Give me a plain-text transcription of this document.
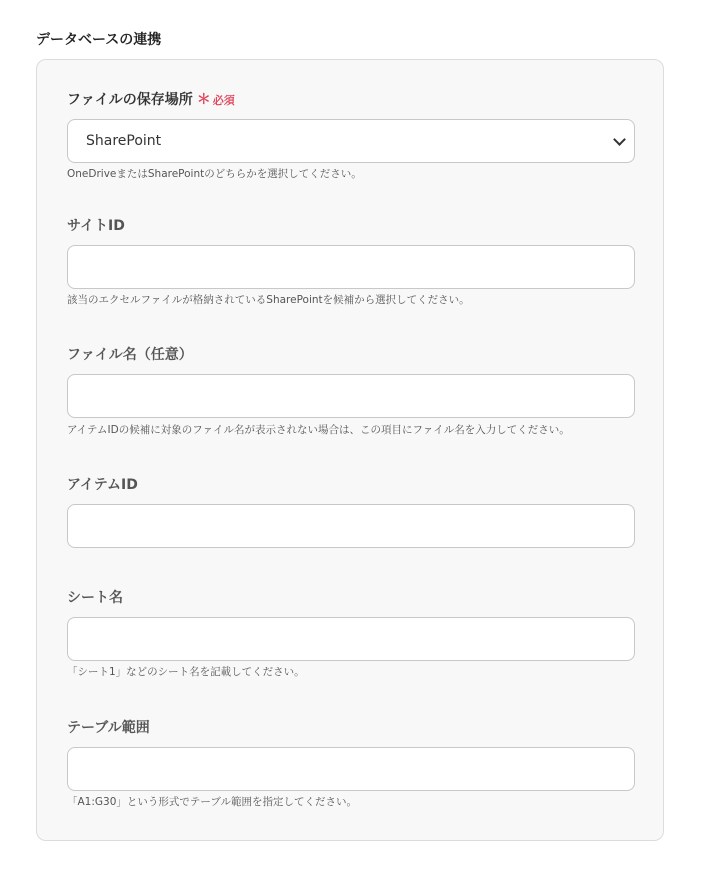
データベースの連携
ファイルの保存場所 ＊ 必須
SharePoint
OneDriveまたはSharePointのどちらかを選択してください。
サイトID
該当のエクセルファイルが格納されているSharePointを候補から選択してください。
ファイル名（任意）
アイテムIDの候補に対象のファイル名が表示されない場合は、この項目にファイル名を入力してください。
アイテムID
シート名
「シート1」などのシート名を記載してください。
テーブル範囲
「A1:G30」という形式でテーブル範囲を指定してください。
